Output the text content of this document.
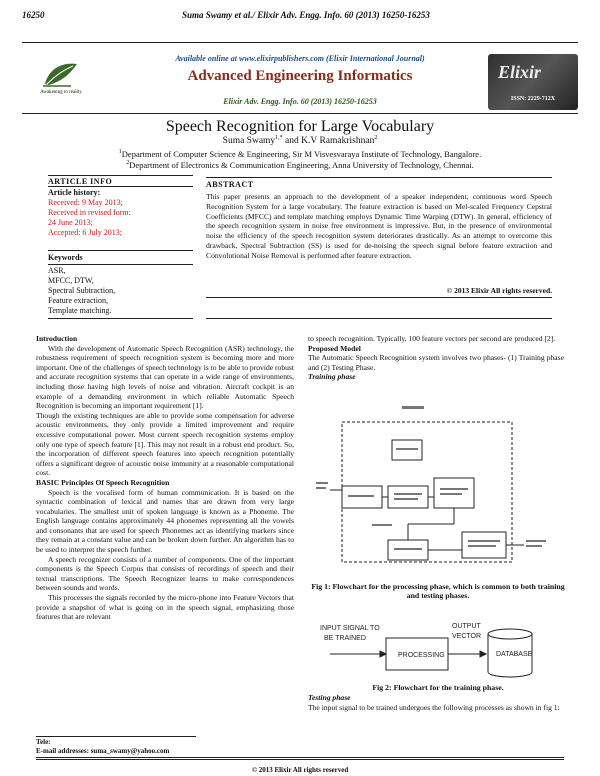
16250	Suma Swamy et al./ Elixir Adv. Engg. Info. 60 (2013) 16250-16253
Awakening to reality
Available online at www.elixirpublishers.com (Elixir International Journal)
Advanced Engineering Informatics
Elixir Adv. Engg. Info. 60 (2013) 16250-16253
Elixir
ISSN: 2229-712X
Speech Recognition for Large Vocabulary
Suma Swamy$^{1,*}$ and K.V Ramakrishnan$^2$
$^1$Department of Computer Science & Engineering, Sir M Visvesvaraya Institute of Technology, Bangalore.
$^2$Department of Electronics & Communication Engineering, Anna University of Technology, Chennai.
ARTICLE INFO
Article history:
Received: 9 May 2013;
Received in revised form:
24 June 2013;
Accepted: 6 July 2013;
Keywords
ASR,
MFCC, DTW,
Spectral Subtraction,
Feature extraction,
Template matching.
ABSTRACT
This paper presents an approach to the development of a speaker independent, continuous word Speech Recognition System for a large vocabulary. The feature extraction is based on Mel-scaled Frequency Cepstral Coefficients (MFCC) and template matching employs Dynamic Time Warping (DTW). In general, efficiency of the speech recognition system in noise free environment is impressive. But, in the presence of environmental noise the efficiency of the speech recognition system deteriorates drastically. As an attempt to overcome this drawback, Spectral Subtraction (SS) is used for de-noising the speech signal before feature extraction and Convolutional Noise Removal is performed after feature extraction.
© 2013 Elixir All rights reserved.

Introduction

With the development of Automatic Speech Recognition (ASR) technology, the robustness requirement of speech recognition system is becoming more and more important. One of the challenges of speech technology is to be able to provide robust and accurate recognition systems that can operate in a wide range of environments, including those having high levels of noise and vibration. Aircraft cockpit is an example of a demanding environment in which reliable Automatic Speech Recognition is becoming an important requirement [1].

Though the existing techniques are able to provide some compensation for adverse acoustic environments, they only provide a limited improvement and require excessive computational power. Most current speech recognition systems employ only one type of speech feature [1]. This may not result in a robust end product. So, the incorporation of different speech features into speech recognition potentially offers a significant degree of acoustic noise immunity at a reasonable computational cost.

BASIC Principles Of Speech Recognition

Speech is the vocalised form of human communication. It is based on the syntactic combination of lexical and names that are drawn from very large vocabularies. The smallest unit of spoken language is known as a Phoneme. The English language contains approximately 44 phonemes representing all the vowels and consonants that are used for speech Phonemes act as identifying markers since they remain at a constant value and can be broken down further. An algorithm has to be used to interpret the speech further.

A speech recognizer consists of a number of components. One of the important components is the Speech Corpus that consists of recordings of speech and their textual transcriptions. The Speech Recognizer learns to make correspondences between sounds and words.

This processes the signals recorded by the micro-phone into Feature Vectors that provide a snapshot of what is going on in the speech signal, emphasizing those features that are relevant

to speech recognition. Typically, 100 feature vectors per second are produced [2].

Proposed Model

The Automatic Speech Recognition system involves two phases- (1) Training phase and (2) Testing Phase.

Training phase

Fig 1: Flowchart for the processing phase, which is common to both training and testing phases.
INPUT SIGNAL TO
BE TRAINED
PROCESSING
OUTPUT
VECTOR
DATABASE
Fig 2: Flowchart for the training phase.

Testing phase

The input signal to be trained undergoes the following processes as shown in fig 1:

Tele:
E-mail addresses: suma_swamy@yahoo.com
© 2013 Elixir All rights reserved
